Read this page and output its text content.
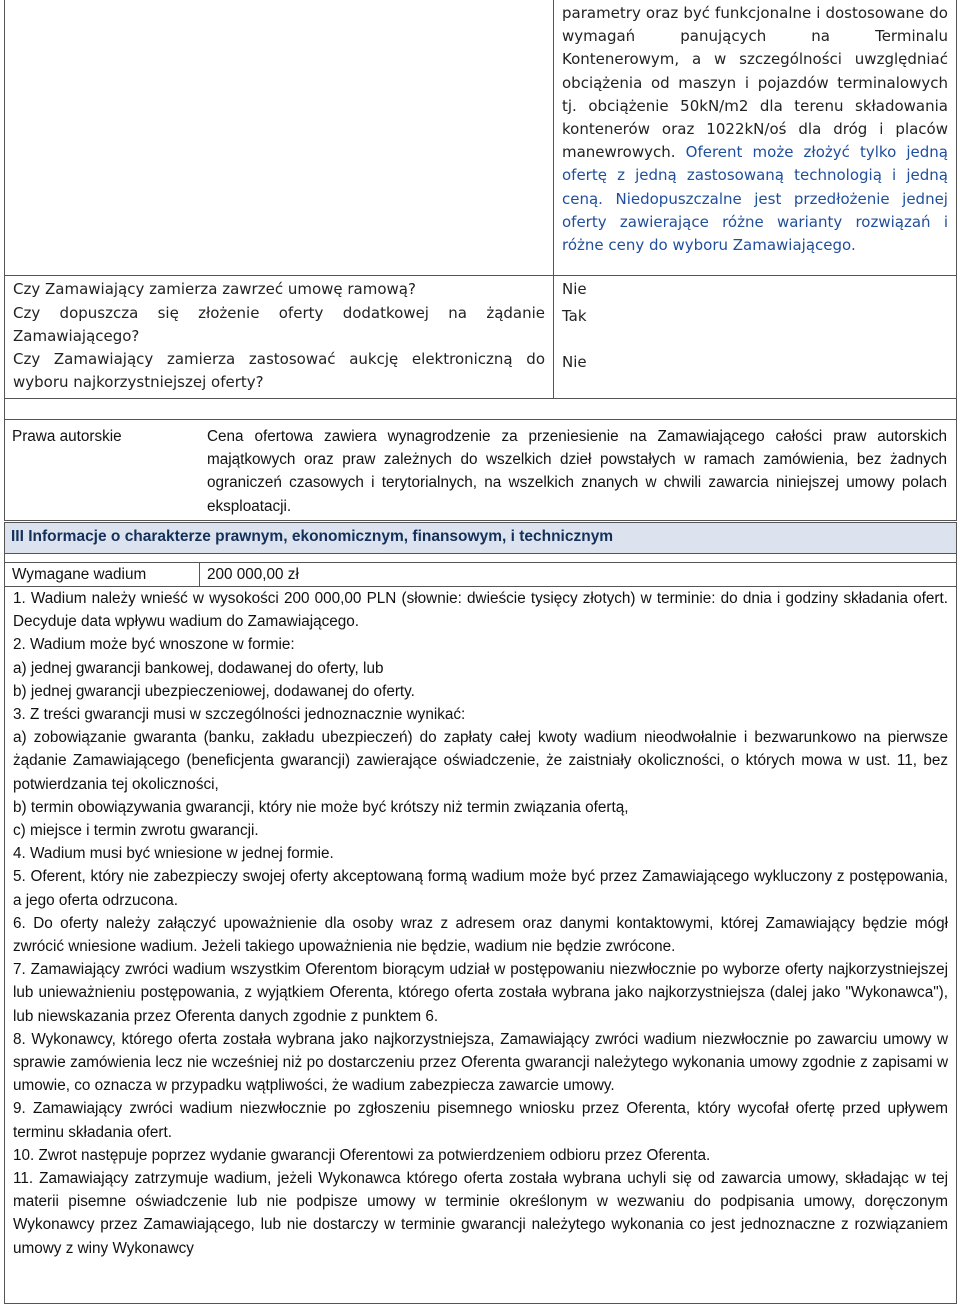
parametry oraz być funkcjonalne i dostosowane do wymagań panujących na Terminalu Kontenerowym, a w szczególności uwzględniać obciążenia od maszyn i pojazdów terminalowych tj. obciążenie 50kN/m2 dla terenu składowania kontenerów oraz 1022kN/oś dla dróg i placów manewrowych. Oferent może złożyć tylko jedną ofertę z jedną zastosowaną technologią i jedną ceną. Niedopuszczalne jest przedłożenie jednej oferty zawierające różne warianty rozwiązań i różne ceny do wyboru Zamawiającego.
Czy Zamawiający zamierza zawrzeć umowę ramową?
Czy dopuszcza się złożenie oferty dodatkowej na żądanie Zamawiającego?
Czy Zamawiający zamierza zastosować aukcję elektroniczną do wyboru najkorzystniejszej oferty?
Nie
Tak
Nie
Prawa autorskie	Cena ofertowa zawiera wynagrodzenie za przeniesienie na Zamawiającego całości praw autorskich majątkowych oraz praw zależnych do wszelkich dzieł powstałych w ramach zamówienia, bez żadnych ograniczeń czasowych i terytorialnych, na wszelkich znanych w chwili zawarcia niniejszej umowy polach eksploatacji.
III Informacje o charakterze prawnym, ekonomicznym, finansowym, i technicznym
Wymagane wadium	200 000,00 zł

1. Wadium należy wnieść w wysokości 200 000,00 PLN (słownie: dwieście tysięcy złotych) w terminie: do dnia i godziny składania ofert. Decyduje data wpływu wadium do Zamawiającego.

2. Wadium może być wnoszone w formie:

a) jednej gwarancji bankowej, dodawanej do oferty, lub

b) jednej gwarancji ubezpieczeniowej, dodawanej do oferty.

3. Z treści gwarancji musi w szczególności jednoznacznie wynikać:

a) zobowiązanie gwaranta (banku, zakładu ubezpieczeń) do zapłaty całej kwoty wadium nieodwołalnie i bezwarunkowo na pierwsze żądanie Zamawiającego (beneficjenta gwarancji) zawierające oświadczenie, że zaistniały okoliczności, o których mowa w ust. 11, bez potwierdzania tej okoliczności,

b) termin obowiązywania gwarancji, który nie może być krótszy niż termin związania ofertą,

c) miejsce i termin zwrotu gwarancji.

4. Wadium musi być wniesione w jednej formie.

5. Oferent, który nie zabezpieczy swojej oferty akceptowaną formą wadium może być przez Zamawiającego wykluczony z postępowania, a jego oferta odrzucona.

6. Do oferty należy załączyć upoważnienie dla osoby wraz z adresem oraz danymi kontaktowymi, której Zamawiający będzie mógł zwrócić wniesione wadium. Jeżeli takiego upoważnienia nie będzie, wadium nie będzie zwrócone.

7. Zamawiający zwróci wadium wszystkim Oferentom biorącym udział w postępowaniu niezwłocznie po wyborze oferty najkorzystniejszej lub unieważnieniu postępowania, z wyjątkiem Oferenta, którego oferta została wybrana jako najkorzystniejsza (dalej jako "Wykonawca"), lub niewskazania przez Oferenta danych zgodnie z punktem 6.

8. Wykonawcy, którego oferta została wybrana jako najkorzystniejsza, Zamawiający zwróci wadium niezwłocznie po zawarciu umowy w sprawie zamówienia lecz nie wcześniej niż po dostarczeniu przez Oferenta gwarancji należytego wykonania umowy zgodnie z zapisami w umowie, co oznacza w przypadku wątpliwości, że wadium zabezpiecza zawarcie umowy.

9. Zamawiający zwróci wadium niezwłocznie po zgłoszeniu pisemnego wniosku przez Oferenta, który wycofał ofertę przed upływem terminu składania ofert.

10. Zwrot następuje poprzez wydanie gwarancji Oferentowi za potwierdzeniem odbioru przez Oferenta.

11. Zamawiający zatrzymuje wadium, jeżeli Wykonawca którego oferta została wybrana uchyli się od zawarcia umowy, składając w tej materii pisemne oświadczenie lub nie podpisze umowy w terminie określonym w wezwaniu do podpisania umowy, doręczonym Wykonawcy przez Zamawiającego, lub nie dostarczy w terminie gwarancji należytego wykonania co jest jednoznaczne z rozwiązaniem umowy z winy Wykonawcy
